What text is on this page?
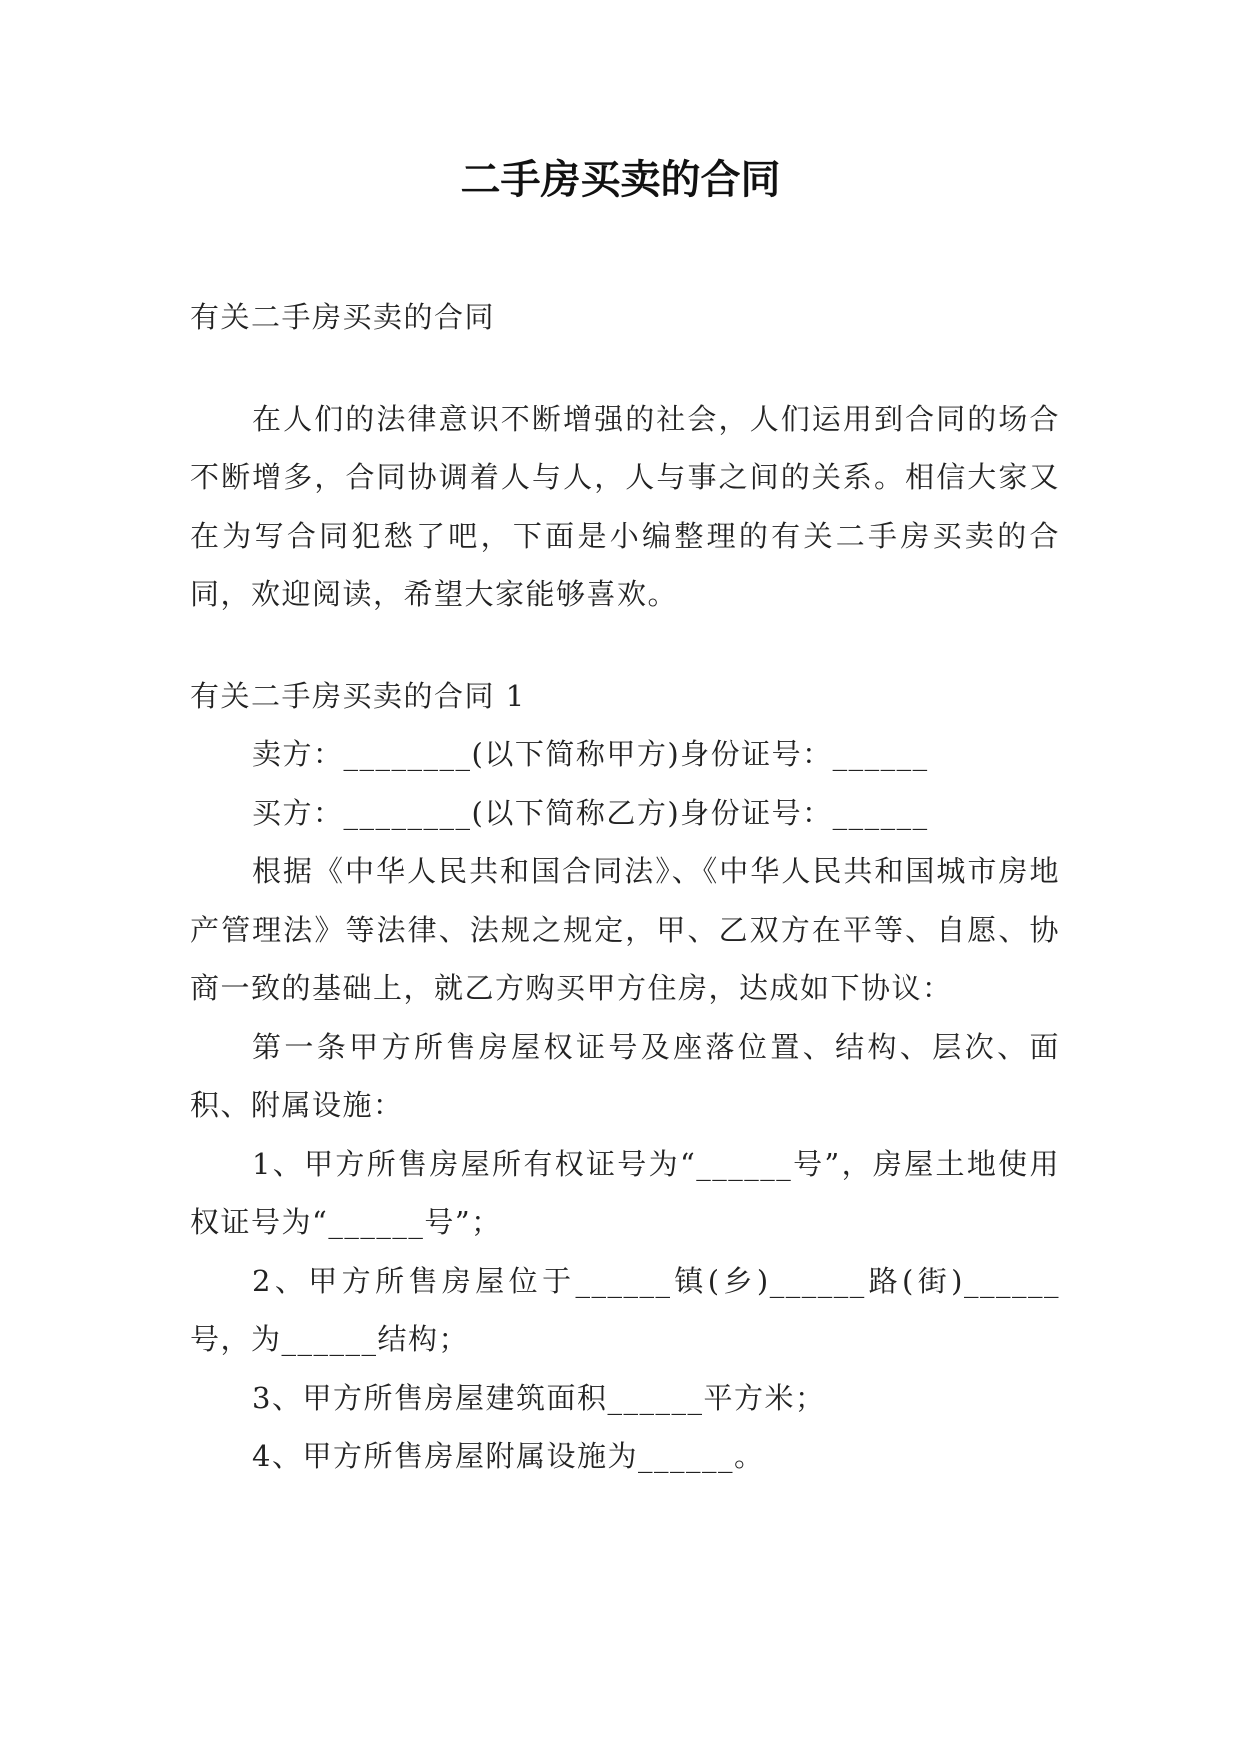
二手房买卖的合同

有关二手房买卖的合同

在人们的法律意识不断增强的社会，人们运用到合同的场合不断增多，合同协调着人与人，人与事之间的关系。相信大家又在为写合同犯愁了吧，下面是小编整理的有关二手房买卖的合同，欢迎阅读，希望大家能够喜欢。

有关二手房买卖的合同 1

卖方：________(以下简称甲方)身份证号：______

买方：________(以下简称乙方)身份证号：______

根据《中华人民共和国合同法》、《中华人民共和国城市房地产管理法》等法律、法规之规定，甲、乙双方在平等、自愿、协商一致的基础上，就乙方购买甲方住房，达成如下协议：

第一条甲方所售房屋权证号及座落位置、结构、层次、面积、附属设施：

1、甲方所售房屋所有权证号为“______号”，房屋土地使用权证号为“______号”；

2、甲方所售房屋位于______镇(乡)______路(街)______号，为______结构；

3、甲方所售房屋建筑面积______平方米；

4、甲方所售房屋附属设施为______。
